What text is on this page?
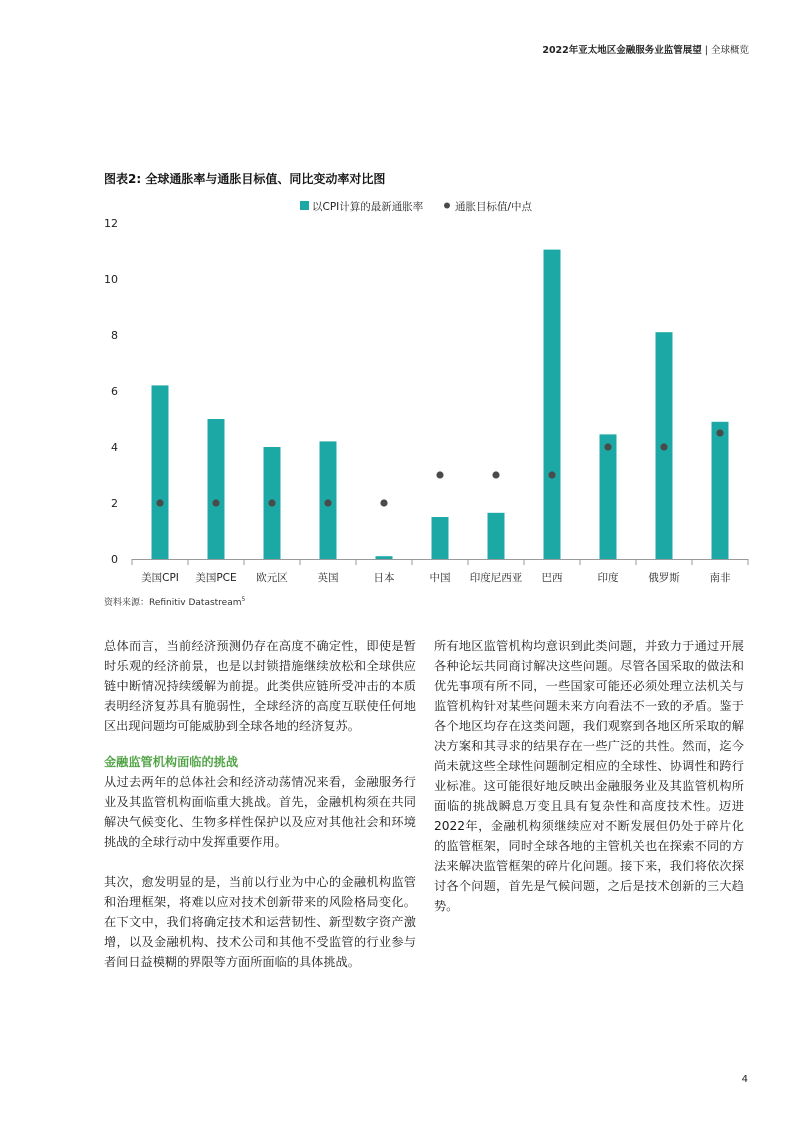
2022年亚太地区金融服务业监管展望 | 全球概览
图表2: 全球通胀率与通胀目标值、同比变动率对比图
以CPI计算的最新通胀率	通胀目标值/中点
0
2
4
6
8
10
12
美国CPI 美国PCE 欧元区	英国	日本	中国 印度尼西亚 巴西	印度	俄罗斯	南非
资料来源：Refinitiv Datastream$^5$

总体而言，当前经济预测仍存在高度不确定性，即使是暂时乐观的经济前景，也是以封锁措施继续放松和全球供应链中断情况持续缓解为前提。此类供应链所受冲击的本质表明经济复苏具有脆弱性，全球经济的高度互联使任何地区出现问题均可能威胁到全球各地的经济复苏。

金融监管机构面临的挑战

从过去两年的总体社会和经济动荡情况来看，金融服务行业及其监管机构面临重大挑战。首先，金融机构须在共同解决气候变化、生物多样性保护以及应对其他社会和环境挑战的全球行动中发挥重要作用。

其次，愈发明显的是，当前以行业为中心的金融机构监管和治理框架，将难以应对技术创新带来的风险格局变化。在下文中，我们将确定技术和运营韧性、新型数字资产激增，以及金融机构、技术公司和其他不受监管的行业参与者间日益模糊的界限等方面所面临的具体挑战。

所有地区监管机构均意识到此类问题，并致力于通过开展各种论坛共同商讨解决这些问题。尽管各国采取的做法和优先事项有所不同，一些国家可能还必须处理立法机关与监管机构针对某些问题未来方向看法不一致的矛盾。鉴于各个地区均存在这类问题，我们观察到各地区所采取的解决方案和其寻求的结果存在一些广泛的共性。然而，迄今尚未就这些全球性问题制定相应的全球性、协调性和跨行业标准。这可能很好地反映出金融服务业及其监管机构所面临的挑战瞬息万变且具有复杂性和高度技术性。迈进2022年，金融机构须继续应对不断发展但仍处于碎片化的监管框架，同时全球各地的主管机关也在探索不同的方法来解决监管框架的碎片化问题。接下来，我们将依次探讨各个问题，首先是气候问题，之后是技术创新的三大趋势。

4
